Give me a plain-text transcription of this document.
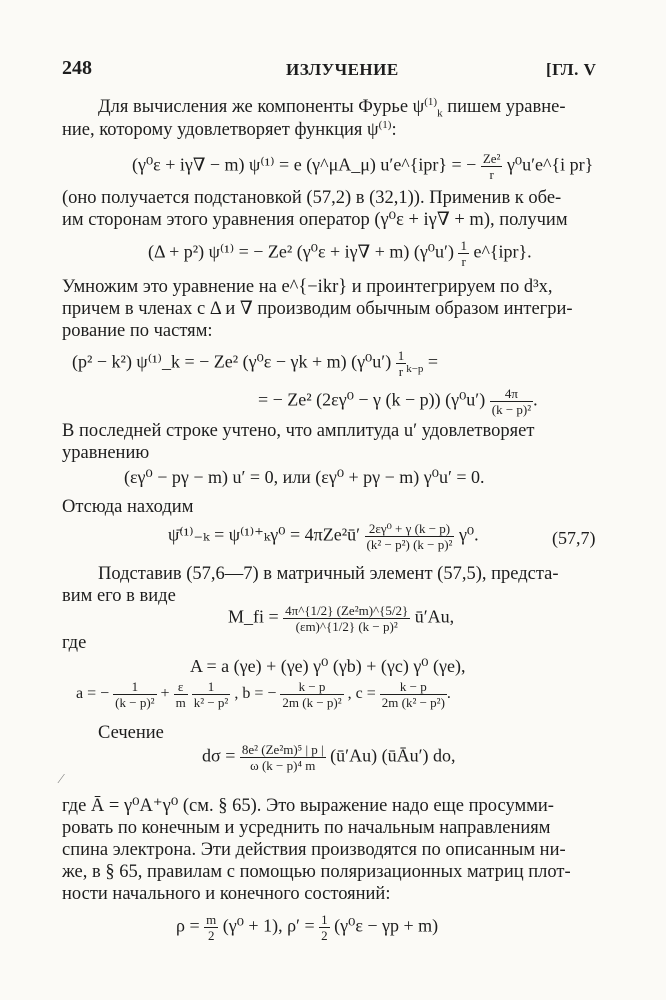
248	ИЗЛУЧЕНИЕ	[ГЛ. V
Для вычисления же компоненты Фурье $\psi^{(1)}_k$ пишем уравне-
ние, которому удовлетворяет функция $\psi^{(1)}$:
(γ⁰ε + iγ∇ − m) ψ⁽¹⁾ = e (γ^μA_μ) u′e^{ipr} = − $\frac{\text{Ze²}}{r}$ γ⁰u′e^{i pr}
(оно получается подстановкой (57,2) в (32,1)). Применив к обе-
им сторонам этого уравнения оператор (γ⁰ε + iγ∇ + m), получим
(Δ + p²) ψ⁽¹⁾ = − Ze² (γ⁰ε + iγ∇ + m) $(\gamma^0u') \frac{1}{r}$ e^{ipr}.
Умножим это уравнение на e^{−ikr} и проинтегрируем по d³x,
причем в членах с Δ и ∇ производим обычным образом интегри-
рование по частям:
(p² − k²) ψ⁽¹⁾_k = − Ze² (γ⁰ε − γk + m) $(\gamma^0u') \frac{1}{r} _{k-p}$ =
= − Ze² (2εγ⁰ − γ (k − p)) $(\gamma^0u') \frac{4\pi}{\text{(k − p)²}}$ .
В последней строке учтено, что амплитуда u′ удовлетворяет
уравнению
(εγ⁰ − pγ − m) u′ = 0, или (εγ⁰ + pγ − m) γ⁰u′ = 0.
Отсюда находим
ψ̄⁽¹⁾₋ₖ = ψ⁽¹⁾⁺ₖγ⁰ = 4πZe²ū′ $\frac{\text{2εγ⁰ + γ (k − p)}}{\text{(k² − p²) (k − p)²}} \gamma^0$.	(57,7)
Подставив (57,6—7) в матричный элемент (57,5), предста-
вим его в виде
M_fi = $\frac{\text{4π\textasciicircum{}\{1/2\} (Ze²m)\textasciicircum{}\{5/2\}}}{\text{(εm)\textasciicircum{}\{1/2\} (k − p)²}}$ ū′Au,
где
A = a (γe) + (γe) γ⁰ (γb) + (γc) γ⁰ (γe),
a = − $\frac{1}{\text{(k − p)²}} + \frac{\varepsilon}{m}$
$\frac{1}{\text{k² − p²}}$ , b = − $\frac{k - p}{\text{2m (k − p)²}}$ , $c = \frac{k - p}{\text{2m (k² − p²)}}$ .
Сечение
$d\sigma = \frac{\text{8e² (Ze²m)⁵ | p |}}{\text{ω (k − p)⁴ m}}$ (ū′Au) (ūĀu′) do,
⁄
где Ā = γ⁰A⁺γ⁰ (см. § 65). Это выражение надо еще просумми-
ровать по конечным и усреднить по начальным направлениям
спина электрона. Эти действия производятся по описанным ни-
же, в § 65, правилам с помощью поляризационных матриц плот-
ности начального и конечного состояний:
$\rho = \frac{m}{2} (\gamma^0 + 1)$, $\rho' = \frac{1}{2} (\gamma^0\varepsilon - \gamma p + m)$
